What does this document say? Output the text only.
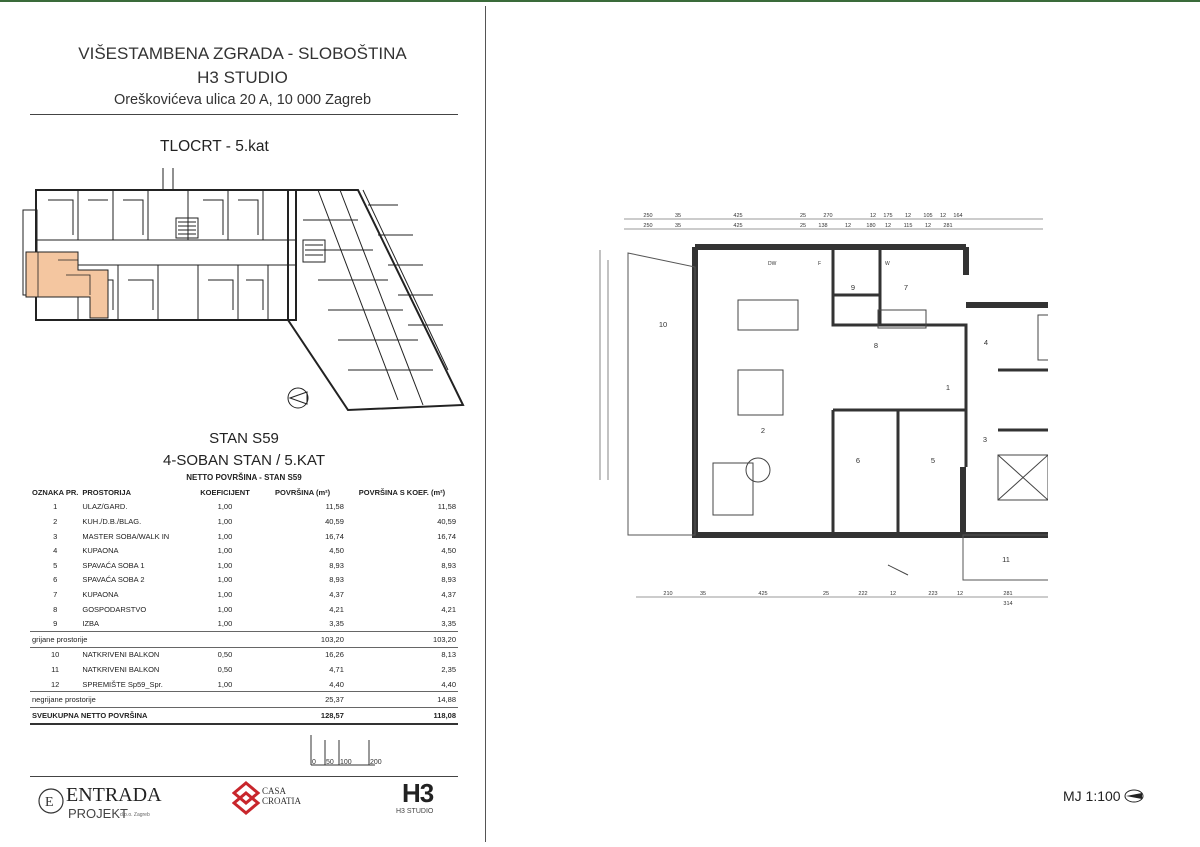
VIŠESTAMBENA ZGRADA - SLOBOŠTINA
H3 STUDIO
Oreškovićeva ulica 20 A, 10 000 Zagreb
TLOCRT - 5.kat
STAN S59
4-SOBAN STAN / 5.KAT
NETTO POVRŠINA - STAN S59
OZNAKA PR.	PROSTORIJA	KOEFICIJENT	POVRŠINA (m²)	POVRŠINA S KOEF. (m²)
1	ULAZ/GARD.	1,00	11,58	11,58
2	KUH./D.B./BLAG.	1,00	40,59	40,59
3	MASTER SOBA/WALK IN	1,00	16,74	16,74
4	KUPAONA	1,00	4,50	4,50
5	SPAVAĆA SOBA 1	1,00	8,93	8,93
6	SPAVAĆA SOBA 2	1,00	8,93	8,93
7	KUPAONA	1,00	4,37	4,37
8	GOSPODARSTVO	1,00	4,21	4,21
9	IZBA	1,00	3,35	3,35
grijane prostorije			103,20	103,20
10	NATKRIVENI BALKON	0,50	16,26	8,13
11	NATKRIVENI BALKON	0,50	4,71	2,35
12	SPREMIŠTE Sp59_Spr.	1,00	4,40	4,40
negrijane prostorije			25,37	14,88
SVEUKUPNA NETTO POVRŠINA			128,57	118,08
0 50 100	200
E ENTRADA
PROJEKT
d.o.o. Zagreb
CASA
CROATIA	H3
H3 STUDIO
250	35	425	25	270	12 175 12 105 12 164
250	35	425	25 138	12	180 12 115 12 281
210	35	425	25	222	12	223	12	281
314
1
2
3
4
5
6
7
8
9
10
11
DW	F	W
MJ 1:100
